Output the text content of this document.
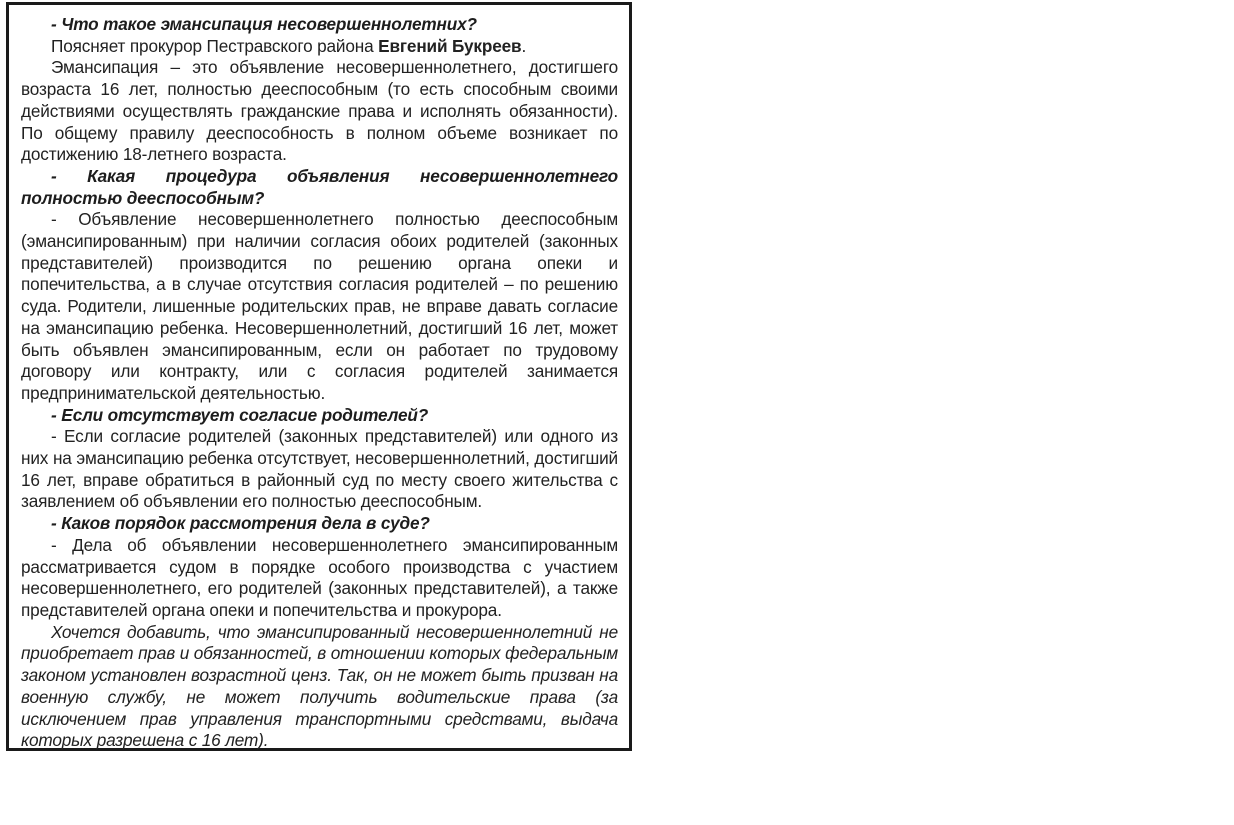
- Что такое эмансипация несовершеннолетних?

Поясняет прокурор Пестравского района Евгений Букреев.

Эманcипация – это объявление несовершеннолетнего, достигшего возраста 16 лет, полностью дееспособным (то есть способным своими действиями осуществлять гражданские права и исполнять обязанности). По общему правилу дееспособность в полном объеме возникает по достижению 18-летнего возраста.

- Какая процедура объявления несовершеннолетнего полностью дееспособным?

- Объявление несовершеннолетнего полностью дееспособным (эмансипированным) при наличии согласия обоих родителей (законных представителей) производится по решению органа опеки и попечительства, а в случае отсутствия согласия родителей – по решению суда. Родители, лишенные родительских прав, не вправе давать согласие на эмансипацию ребенка. Несовершеннолетний, достигший 16 лет, может быть объявлен эмансипированным, если он работает по трудовому договору или контракту, или с согласия родителей занимается предпринимательской деятельностью.

- Если отсутствует согласие родителей?

- Если согласие родителей (законных представителей) или одного из них на эмансипацию ребенка отсутствует, несовершеннолетний, достигший 16 лет, вправе обратиться в районный суд по месту своего жительства с заявлением об объявлении его полностью дееспособным.

- Каков порядок рассмотрения дела в суде?

- Дела об объявлении несовершеннолетнего эмансипированным рассматривается судом в порядке особого производства с участием несовершеннолетнего, его родителей (законных представителей), а также представителей органа опеки и попечительства и прокурора.

Хочется добавить, что эмансипированный несовершеннолетний не приобретает прав и обязанностей, в отношении которых федеральным законом установлен возрастной ценз. Так, он не может быть призван на военную службу, не может получить водительские права (за исключением прав управления транспортными средствами, выдача которых разрешена с 16 лет).
